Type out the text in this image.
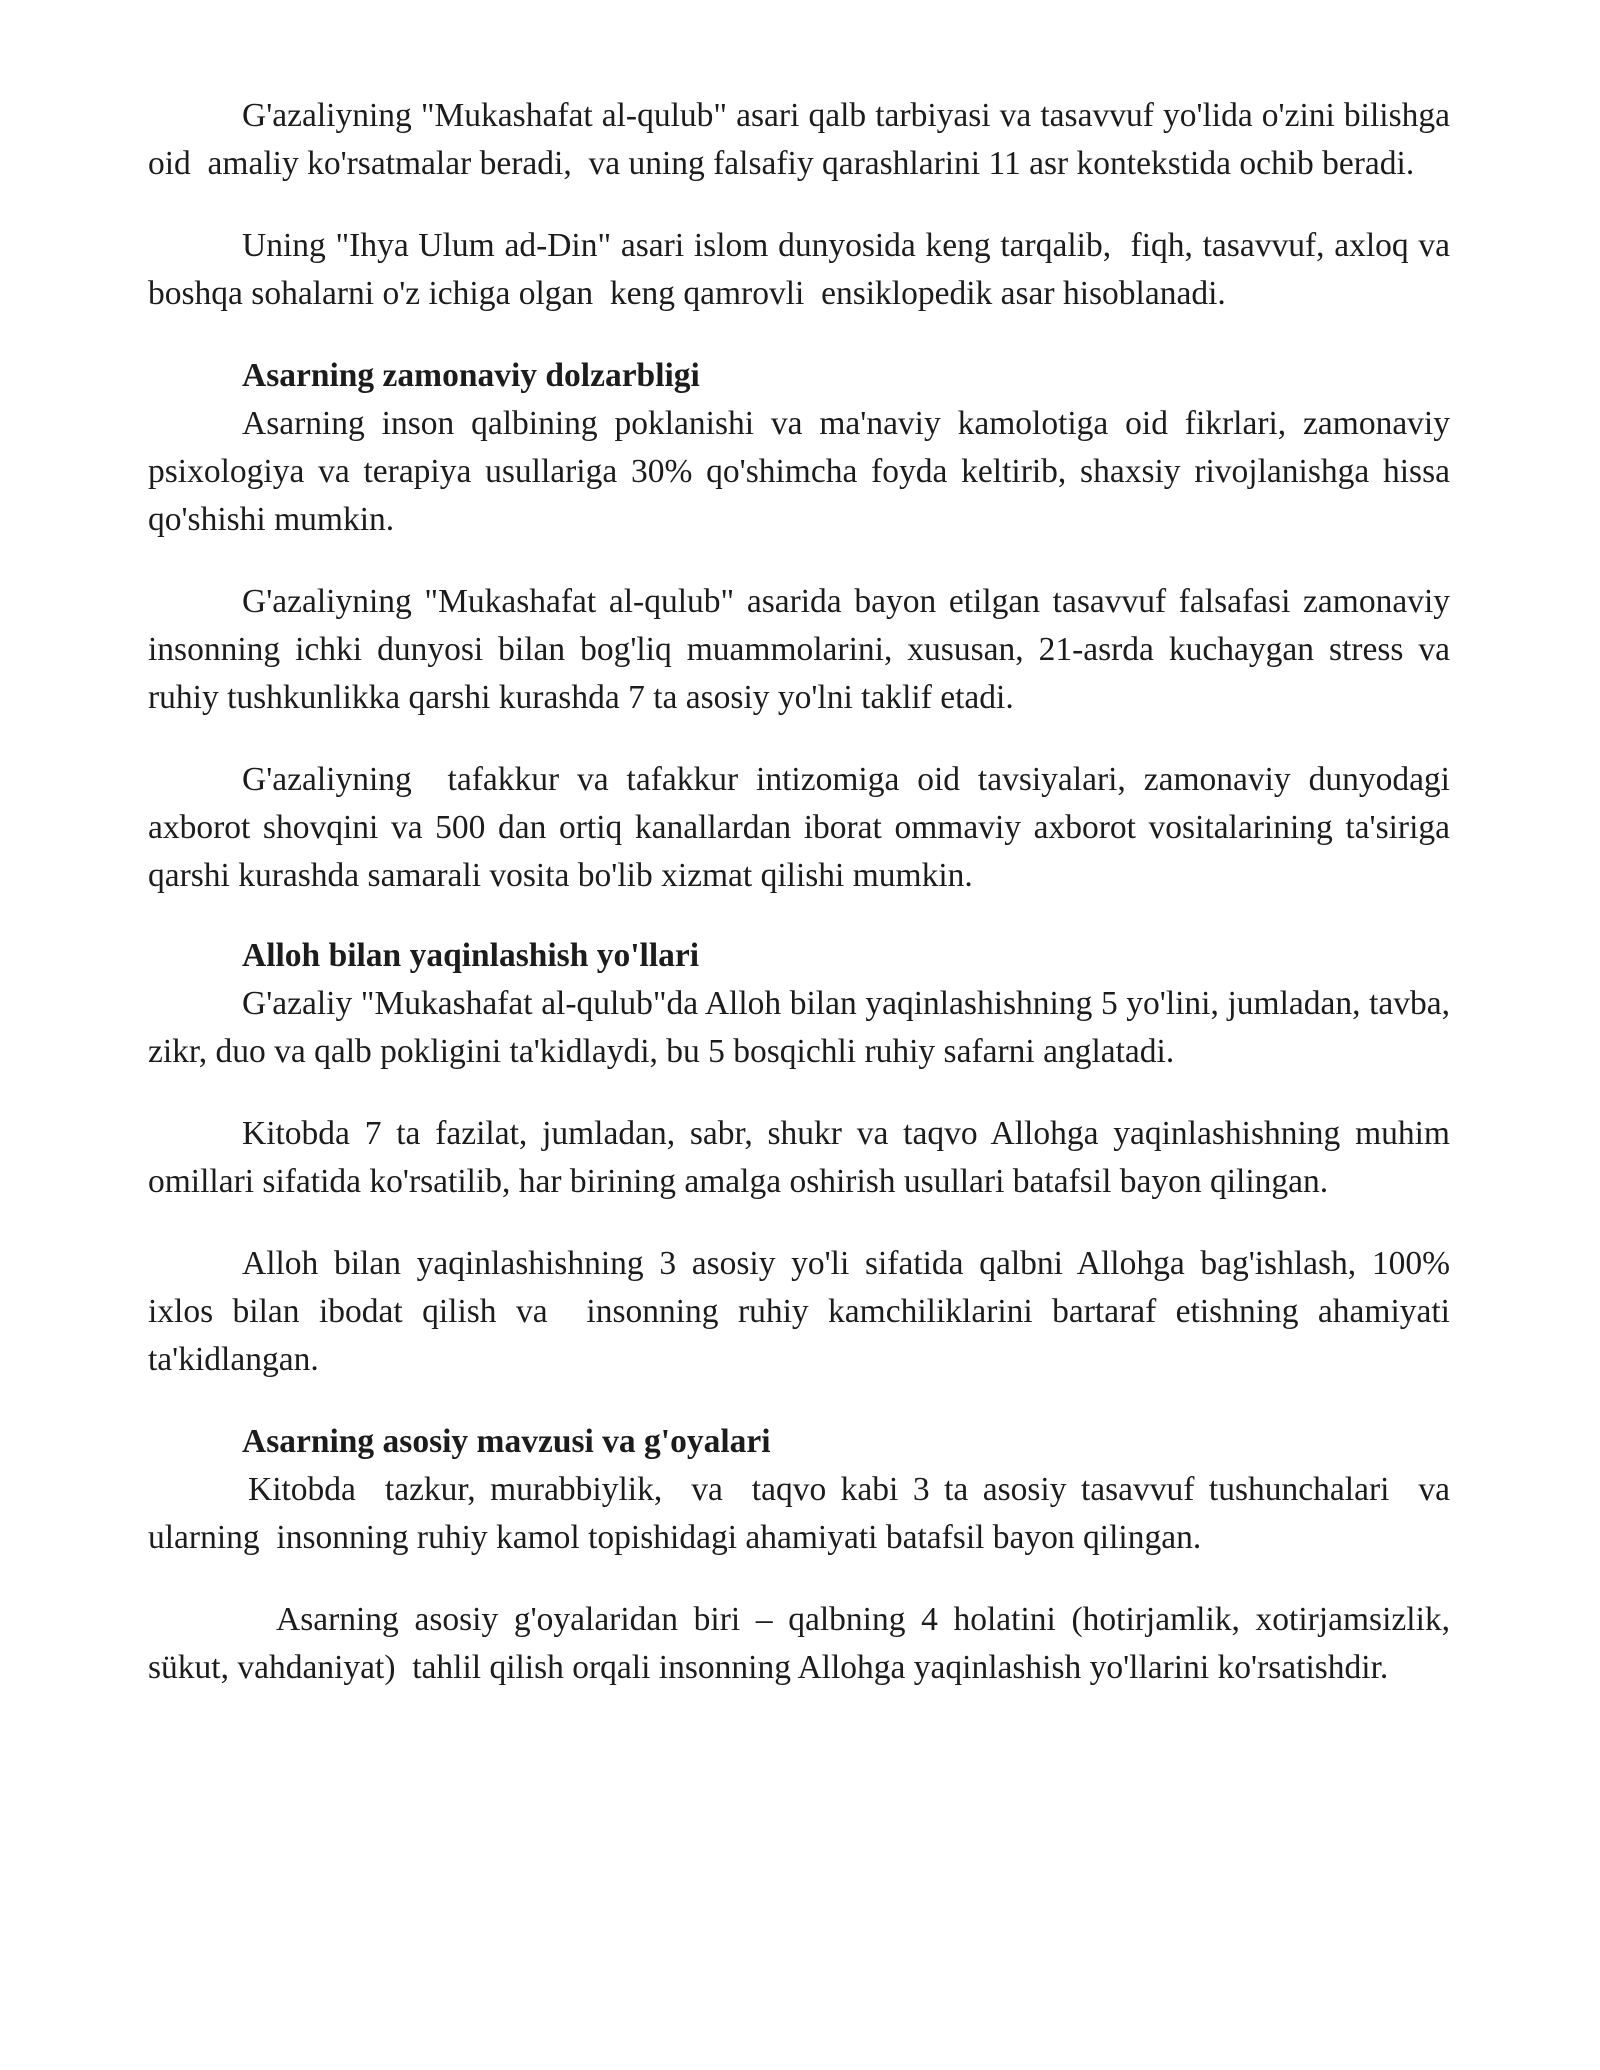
G'azaliyning "Mukashafat al-qulub" asari qalb tarbiyasi va tasavvuf yo'lida o'zini bilishga oid  amaliy ko'rsatmalar beradi,  va uning falsafiy qarashlarini 11 asr kontekstida ochib beradi.

Uning "Ihya Ulum ad-Din" asari islom dunyosida keng tarqalib,  fiqh, tasavvuf, axloq va boshqa sohalarni o'z ichiga olgan  keng qamrovli  ensiklopedik asar hisoblanadi.

Asarning zamonaviy dolzarbligi

Asarning inson qalbining poklanishi va ma'naviy kamolotiga oid fikrlari, zamonaviy psixologiya va terapiya usullariga 30% qo'shimcha foyda keltirib, shaxsiy rivojlanishga hissa qo'shishi mumkin.

G'azaliyning "Mukashafat al-qulub" asarida bayon etilgan tasavvuf falsafasi zamonaviy insonning ichki dunyosi bilan bog'liq muammolarini, xususan, 21-asrda kuchaygan stress va ruhiy tushkunlikka qarshi kurashda 7 ta asosiy yo'lni taklif etadi.

G'azaliyning  tafakkur va tafakkur intizomiga oid tavsiyalari, zamonaviy dunyodagi axborot shovqini va 500 dan ortiq kanallardan iborat ommaviy axborot vositalarining ta'siriga qarshi kurashda samarali vosita bo'lib xizmat qilishi mumkin.

Alloh bilan yaqinlashish yo'llari

G'azaliy "Mukashafat al-qulub"da Alloh bilan yaqinlashishning 5 yo'lini, jumladan, tavba, zikr, duo va qalb pokligini ta'kidlaydi, bu 5 bosqichli ruhiy safarni anglatadi.

Kitobda 7 ta fazilat, jumladan, sabr, shukr va taqvo Allohga yaqinlashishning muhim omillari sifatida ko'rsatilib, har birining amalga oshirish usullari batafsil bayon qilingan.

Alloh bilan yaqinlashishning 3 asosiy yo'li sifatida qalbni Allohga bag'ishlash, 100% ixlos bilan ibodat qilish va  insonning ruhiy kamchiliklarini bartaraf etishning ahamiyati ta'kidlangan.

Asarning asosiy mavzusi va g'oyalari

Kitobda  tazkur, murabbiylik,  va  taqvo kabi 3 ta asosiy tasavvuf tushunchalari  va ularning  insonning ruhiy kamol topishidagi ahamiyati batafsil bayon qilingan.

Asarning asosiy g'oyalaridan biri – qalbning 4 holatini (hotirjamlik, xotirjamsizlik, sükut, vahdaniyat)  tahlil qilish orqali insonning Allohga yaqinlashish yo'llarini ko'rsatishdir.
